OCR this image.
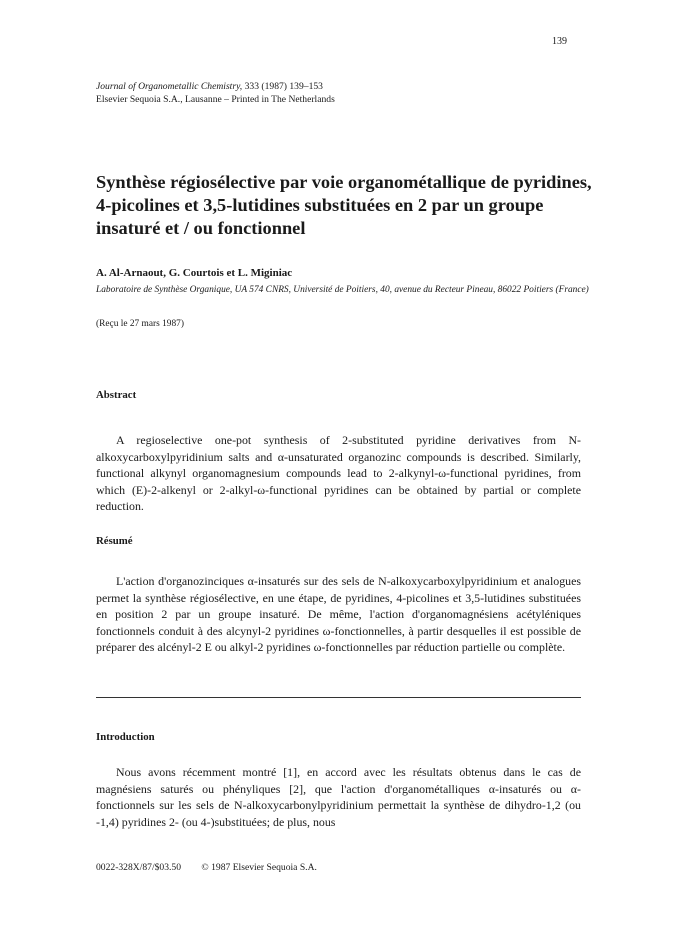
139
Journal of Organometallic Chemistry, 333 (1987) 139–153
Elsevier Sequoia S.A., Lausanne – Printed in The Netherlands
Synthèse régiosélective par voie organométallique de pyridines, 4-picolines et 3,5-lutidines substituées en 2 par un groupe insaturé et / ou fonctionnel
A. Al-Arnaout, G. Courtois et L. Miginiac
Laboratoire de Synthèse Organique, UA 574 CNRS, Université de Poitiers, 40, avenue du Recteur Pineau, 86022 Poitiers (France)
(Reçu le 27 mars 1987)
Abstract
A regioselective one-pot synthesis of 2-substituted pyridine derivatives from N-alkoxycarboxylpyridinium salts and α-unsaturated organozinc compounds is described. Similarly, functional alkynyl organomagnesium compounds lead to 2-alkynyl-ω-functional pyridines, from which (E)-2-alkenyl or 2-alkyl-ω-functional pyridines can be obtained by partial or complete reduction.
Résumé
L'action d'organozinciques α-insaturés sur des sels de N-alkoxycarboxylpyridinium et analogues permet la synthèse régiosélective, en une étape, de pyridines, 4-picolines et 3,5-lutidines substituées en position 2 par un groupe insaturé. De même, l'action d'organomagnésiens acétyléniques fonctionnels conduit à des alcynyl-2 pyridines ω-fonctionnelles, à partir desquelles il est possible de préparer des alcényl-2 E ou alkyl-2 pyridines ω-fonctionnelles par réduction partielle ou complète.
Introduction
Nous avons récemment montré [1], en accord avec les résultats obtenus dans le cas de magnésiens saturés ou phényliques [2], que l'action d'organométalliques α-insaturés ou α-fonctionnels sur les sels de N-alkoxycarbonylpyridinium permettait la synthèse de dihydro-1,2 (ou -1,4) pyridines 2- (ou 4-)substituées; de plus, nous
0022-328X/87/$03.50 © 1987 Elsevier Sequoia S.A.
